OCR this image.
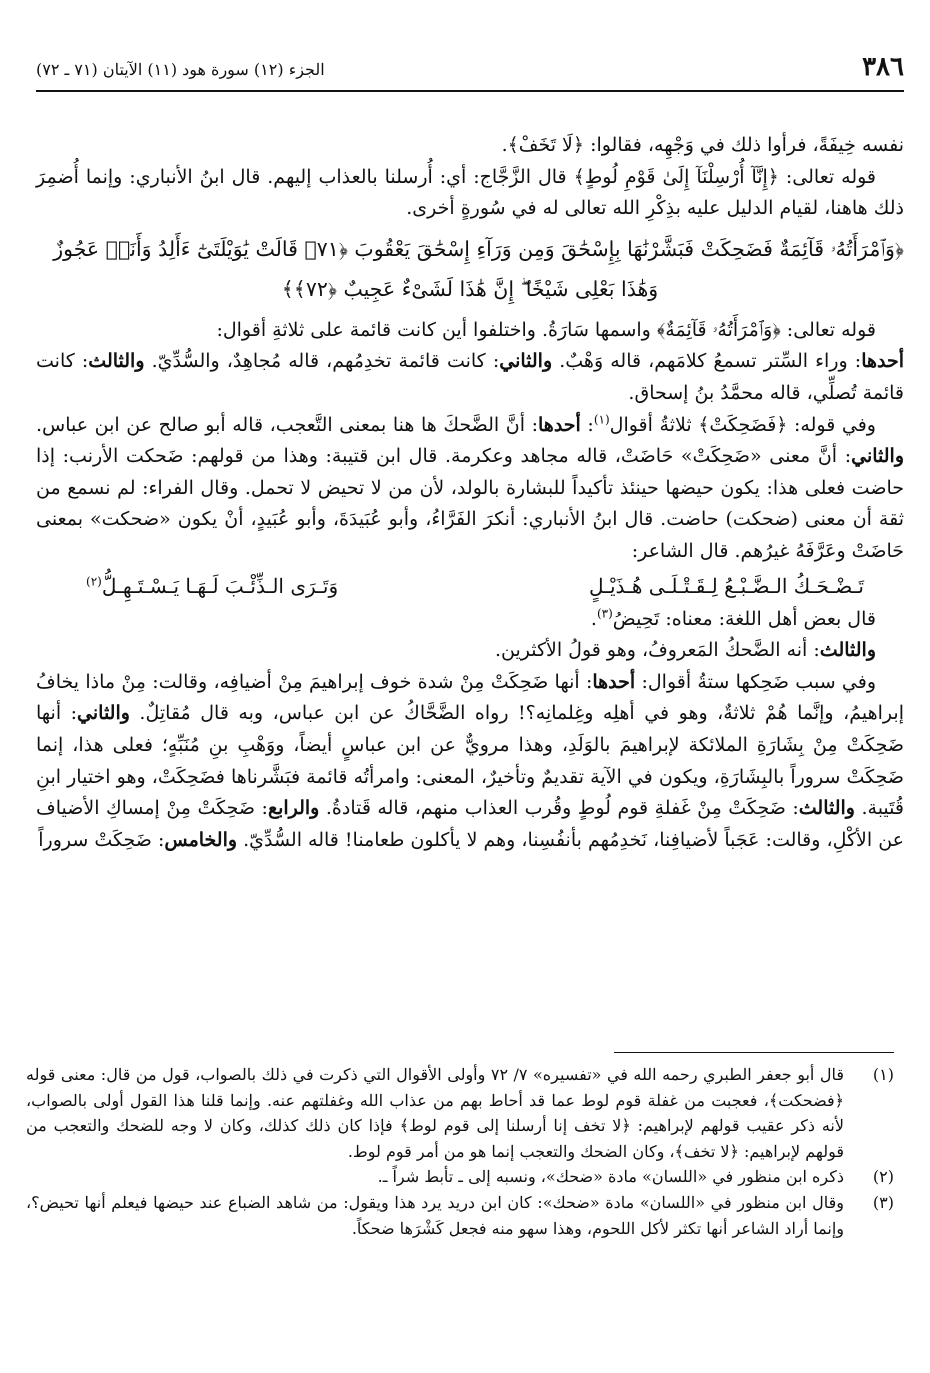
٣٨٦
الجزء (١٢) سورة هود (١١) الآيتان (٧١ ـ ٧٢)

نفسه خِيفَةً، فرأوا ذلك في وَجْهِه، فقالوا: ﴿لَا تَخَفْ﴾.

قوله تعالى: ﴿إِنَّآ أُرْسِلْنَآ إِلَىٰ قَوْمِ لُوطٍ﴾ قال الزَّجَّاج: أي: أُرسلنا بالعذاب إليهم. قال ابنُ الأنباري: وإنما أُضمِرَ ذلك هاهنا، لقيام الدليل عليه بذِكْرِ الله تعالى له في سُورةٍ أخرى.

﴿وَٱمْرَأَتُهُۥ قَآئِمَةٌ فَضَحِكَتْ فَبَشَّرْنَٰهَا بِإِسْحَٰقَ وَمِن وَرَآءِ إِسْحَٰقَ يَعْقُوبَ ﴿٧١﴾ قَالَتْ يَٰوَيْلَتَىٰٓ ءَأَلِدُ وَأَنَا۠ عَجُوزٌ
وَهَٰذَا بَعْلِى شَيْخًا ۖ إِنَّ هَٰذَا لَشَىْءٌ عَجِيبٌ ﴿٧٢﴾﴾

قوله تعالى: ﴿وَٱمْرَأَتُهُۥ قَآئِمَةٌ﴾ واسمها سَارَةُ. واختلفوا أين كانت قائمة على ثلاثةِ أقوال:

أحدها: وراء السِّتر تسمعُ كلامَهم، قاله وَهْبٌ. والثاني: كانت قائمة تخدِمُهم، قاله مُجاهِدٌ، والسُّدِّيّ. والثالث: كانت قائمة تُصلِّي، قاله محمَّدُ بنُ إسحاق.

وفي قوله: ﴿فَضَحِكَتْ﴾ ثلاثةُ أقوال$^{(١)}$: أحدها: أنَّ الضَّحكَ ها هنا بمعنى التَّعجب، قاله أبو صالح عن ابن عباس. والثاني: أنَّ معنى «ضَحِكَتْ» حَاضَتْ، قاله مجاهد وعكرمة. قال ابن قتيبة: وهذا من قولهم: ضَحكت الأرنب: إذا حاضت فعلى هذا: يكون حيضها حينئذ تأكيداً للبشارة بالولد، لأن من لا تحيض لا تحمل. وقال الفراء: لم نسمع من ثقة أن معنى (ضحكت) حاضت. قال ابنُ الأنباري: أنكرَ الفَرَّاءُ، وأبو عُبَيدَةَ، وأبو عُبَيدٍ، أنْ يكون «ضحكت» بمعنى حَاضَتْ وعَرَّفَهُ غيرُهم. قال الشاعر:

تَـضْـحَـكُ الـضَّـبْـعُ لِـقَـتْـلَـى هُـذَيْـلٍ
وَتَـرَى الـذِّئْـبَ لَـهَـا يَـسْـتَـهِـلُّ$^{(٢)}$

قال بعض أهل اللغة: معناه: تَحِيضُ$^{(٣)}$.

والثالث: أنه الضَّحكُ المَعروفُ، وهو قولُ الأكثرين.

وفي سبب ضَحِكها ستةُ أقوال: أحدها: أنها ضَحِكَتْ مِنْ شدة خوف إبراهيمَ مِنْ أضيافِه، وقالت: مِنْ ماذا يخافُ إبراهيمُ، وإنَّما هُمْ ثلاثةٌ، وهو في أهلِه وغِلمانِه؟! رواه الضَّحَّاكُ عن ابن عباس، وبه قال مُقاتِلٌ. والثاني: أنها ضَحِكَتْ مِنْ بِشَارَةِ الملائكة لإبراهيمَ بالوَلَدِ، وهذا مرويٌّ عن ابن عباسٍ أيضاً، ووَهْبِ بنِ مُنَبِّهٍ؛ فعلى هذا، إنما ضَحِكَتْ سروراً بالبِشَارَةِ، ويكون في الآية تقديمٌ وتأخيرٌ، المعنى: وامرأتُه قائمة فبَشَّرناها فضَحِكَتْ، وهو اختيار ابنِ قُتَيبة. والثالث: ضَحِكَتْ مِنْ غَفلةِ قوم لُوطٍ وقُرب العذاب منهم، قاله قَتادةُ. والرابع: ضَحِكَتْ مِنْ إمساكِ الأضياف عن الأكْلِ، وقالت: عَجَباً لأضيافِنا، نَخدِمُهم بأنفُسِنا، وهم لا يأكلون طعامنا! قاله السُّدِّيّ. والخامس: ضَحِكَتْ سروراً

(١)
قال أبو جعفر الطبري رحمه الله في «تفسيره» ٧/ ٧٢ وأولى الأقوال التي ذكرت في ذلك بالصواب، قول من قال: معنى قوله ﴿فضحكت﴾، فعجبت من غفلة قوم لوط عما قد أحاط بهم من عذاب الله وغفلتهم عنه. وإنما قلنا هذا القول أولى بالصواب، لأنه ذكر عقيب قولهم لإبراهيم: ﴿لا تخف إنا أرسلنا إلى قوم لوط﴾ فإذا كان ذلك كذلك، وكان لا وجه للضحك والتعجب من قولهم لإبراهيم: ﴿لا تخف﴾، وكان الضحك والتعجب إنما هو من أمر قوم لوط.
(٢)
ذكره ابن منظور في «اللسان» مادة «ضحك»، ونسبه إلى ـ تأبط شراً ـ.
(٣)
وقال ابن منظور في «اللسان» مادة «ضحك»: كان ابن دريد يرد هذا ويقول: من شاهد الضباع عند حيضها فيعلم أنها تحيض؟، وإنما أراد الشاعر أنها تكثر لأكل اللحوم، وهذا سهو منه فجعل كَشْرَها ضحكاً.
